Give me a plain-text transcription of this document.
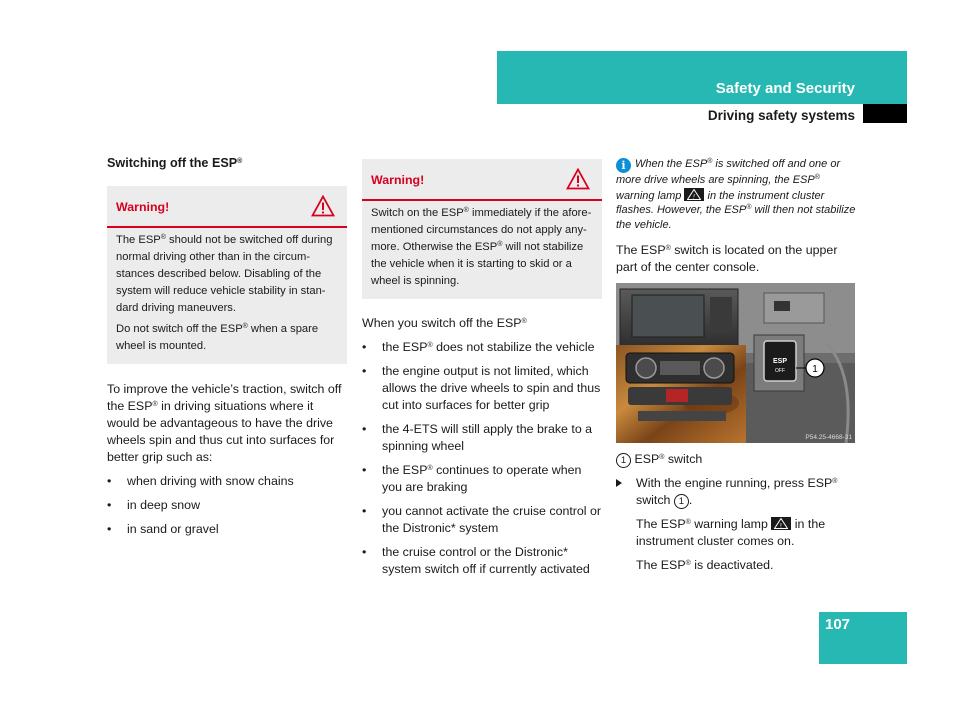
Safety and Security
Driving safety systems
Switching off the ESP®
Warning!

The ESP® should not be switched off during normal driving other than in the circum-stances described below. Disabling of the system will reduce vehicle stability in stan-dard driving maneuvers.

Do not switch off the ESP® when a spare wheel is mounted.

To improve the vehicle’s traction, switch off the ESP® in driving situations where it would be advantageous to have the drive wheels spin and thus cut into surfaces for better grip such as:

• when driving with snow chains
• in deep snow
• in sand or gravel
Warning!

Switch on the ESP® immediately if the afore-mentioned circumstances do not apply any-more. Otherwise the ESP® will not stabilize the vehicle when it is starting to skid or a wheel is spinning.

When you switch off the ESP®

• the ESP® does not stabilize the vehicle
• the engine output is not limited, which allows the drive wheels to spin and thus cut into surfaces for better grip
• the 4-ETS will still apply the brake to a spinning wheel
• the ESP® continues to operate when you are braking
• you cannot activate the cruise control or the Distronic* system
• the cruise control or the Distronic* system switch off if currently activated
i When the ESP® is switched off and one or more drive wheels are spinning, the ESP® warning lamp ! in the instrument cluster flashes. However, the ESP® will then not stabilize the vehicle.

The ESP® switch is located on the upper part of the center console.

ESP
OFF	1
P54.25-4668-31

1 ESP® switch

With the engine running, press ESP® switch 1 .

The ESP® warning lamp ! in the instrument cluster comes on.

The ESP® is deactivated.

107
